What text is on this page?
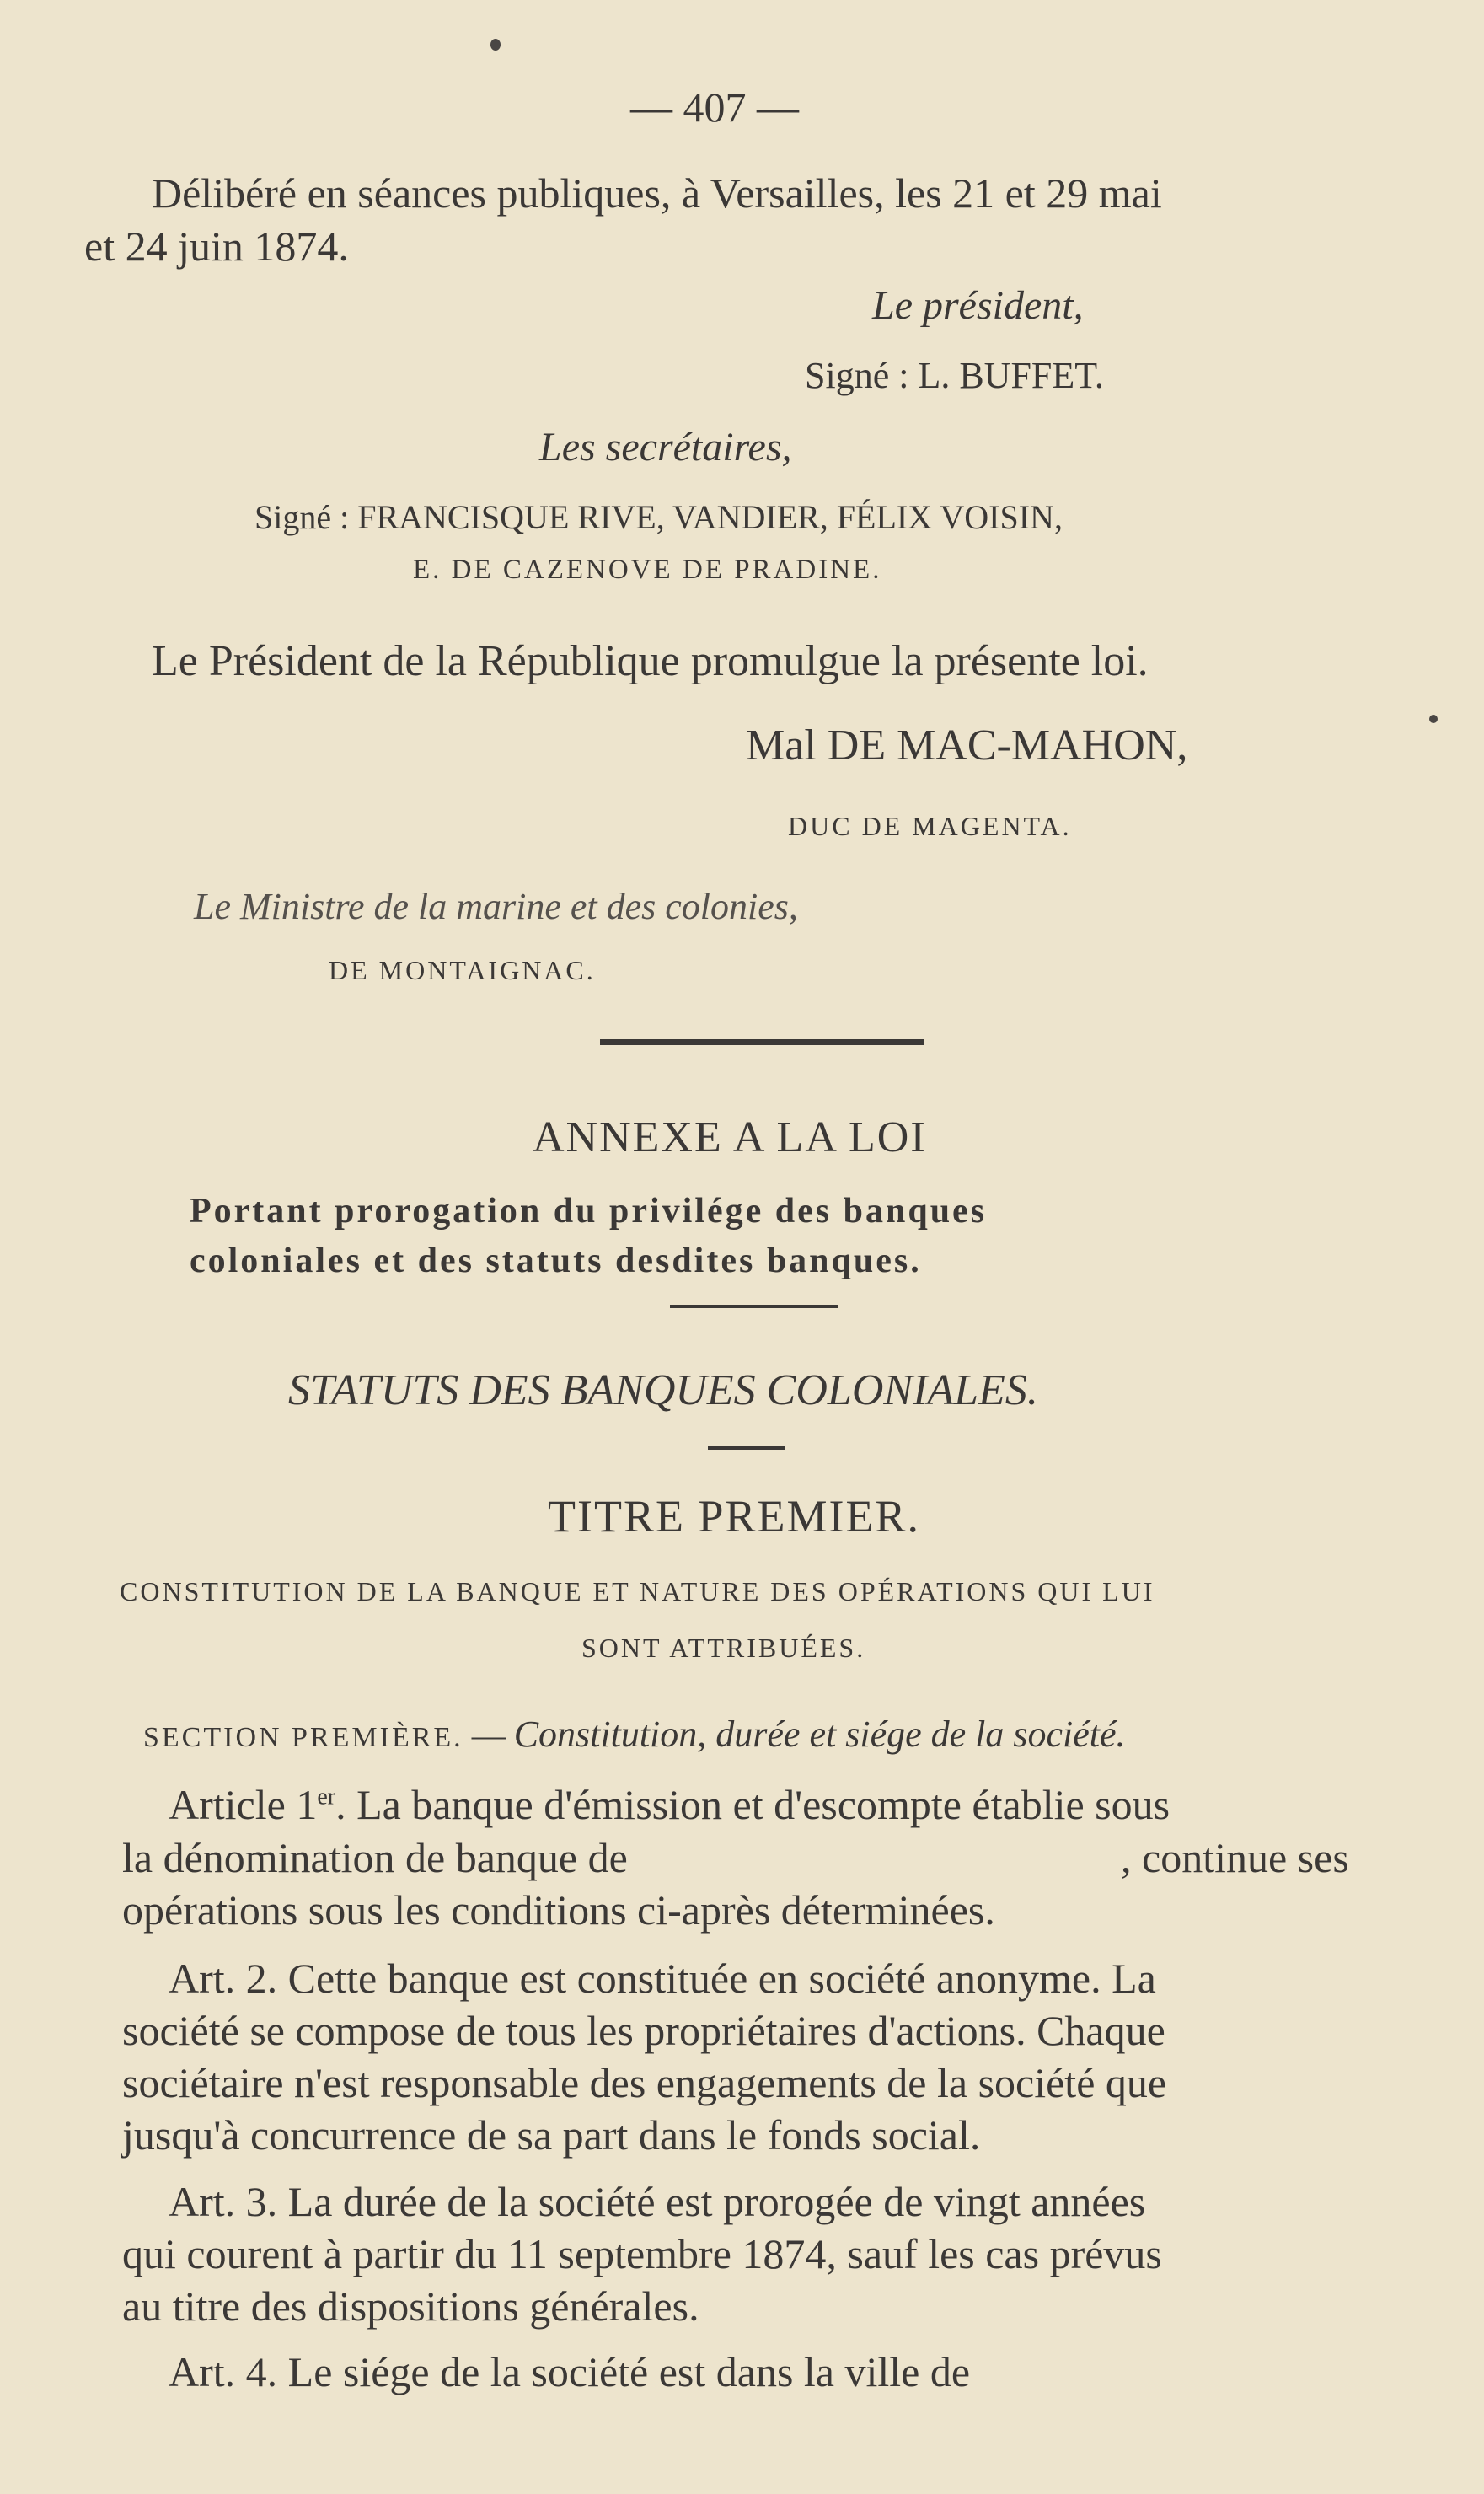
— 407 —
Délibéré en séances publiques, à Versailles, les 21 et 29 mai
et 24 juin 1874.
Le président,
Signé : L. BUFFET.
Les secrétaires,
Signé : FRANCISQUE RIVE, VANDIER, FÉLIX VOISIN,
E. DE CAZENOVE DE PRADINE.
Le Président de la République promulgue la présente loi.
Mal DE MAC-MAHON,
DUC DE MAGENTA.
Le Ministre de la marine et des colonies,
DE MONTAIGNAC.
ANNEXE A LA LOI
Portant prorogation du privilége des banques
coloniales et des statuts desdites banques.
STATUTS DES BANQUES COLONIALES.
TITRE PREMIER.
CONSTITUTION DE LA BANQUE ET NATURE DES OPÉRATIONS QUI LUI
SONT ATTRIBUÉES.
SECTION PREMIÈRE. — Constitution, durée et siége de la société.
Article 1er. La banque d'émission et d'escompte établie sous
la dénomination de banque de	, continue ses
opérations sous les conditions ci-après déterminées.
Art. 2. Cette banque est constituée en société anonyme. La
société se compose de tous les propriétaires d'actions. Chaque
sociétaire n'est responsable des engagements de la société que
jusqu'à concurrence de sa part dans le fonds social.
Art. 3. La durée de la société est prorogée de vingt années
qui courent à partir du 11 septembre 1874, sauf les cas prévus
au titre des dispositions générales.
Art. 4. Le siége de la société est dans la ville de
